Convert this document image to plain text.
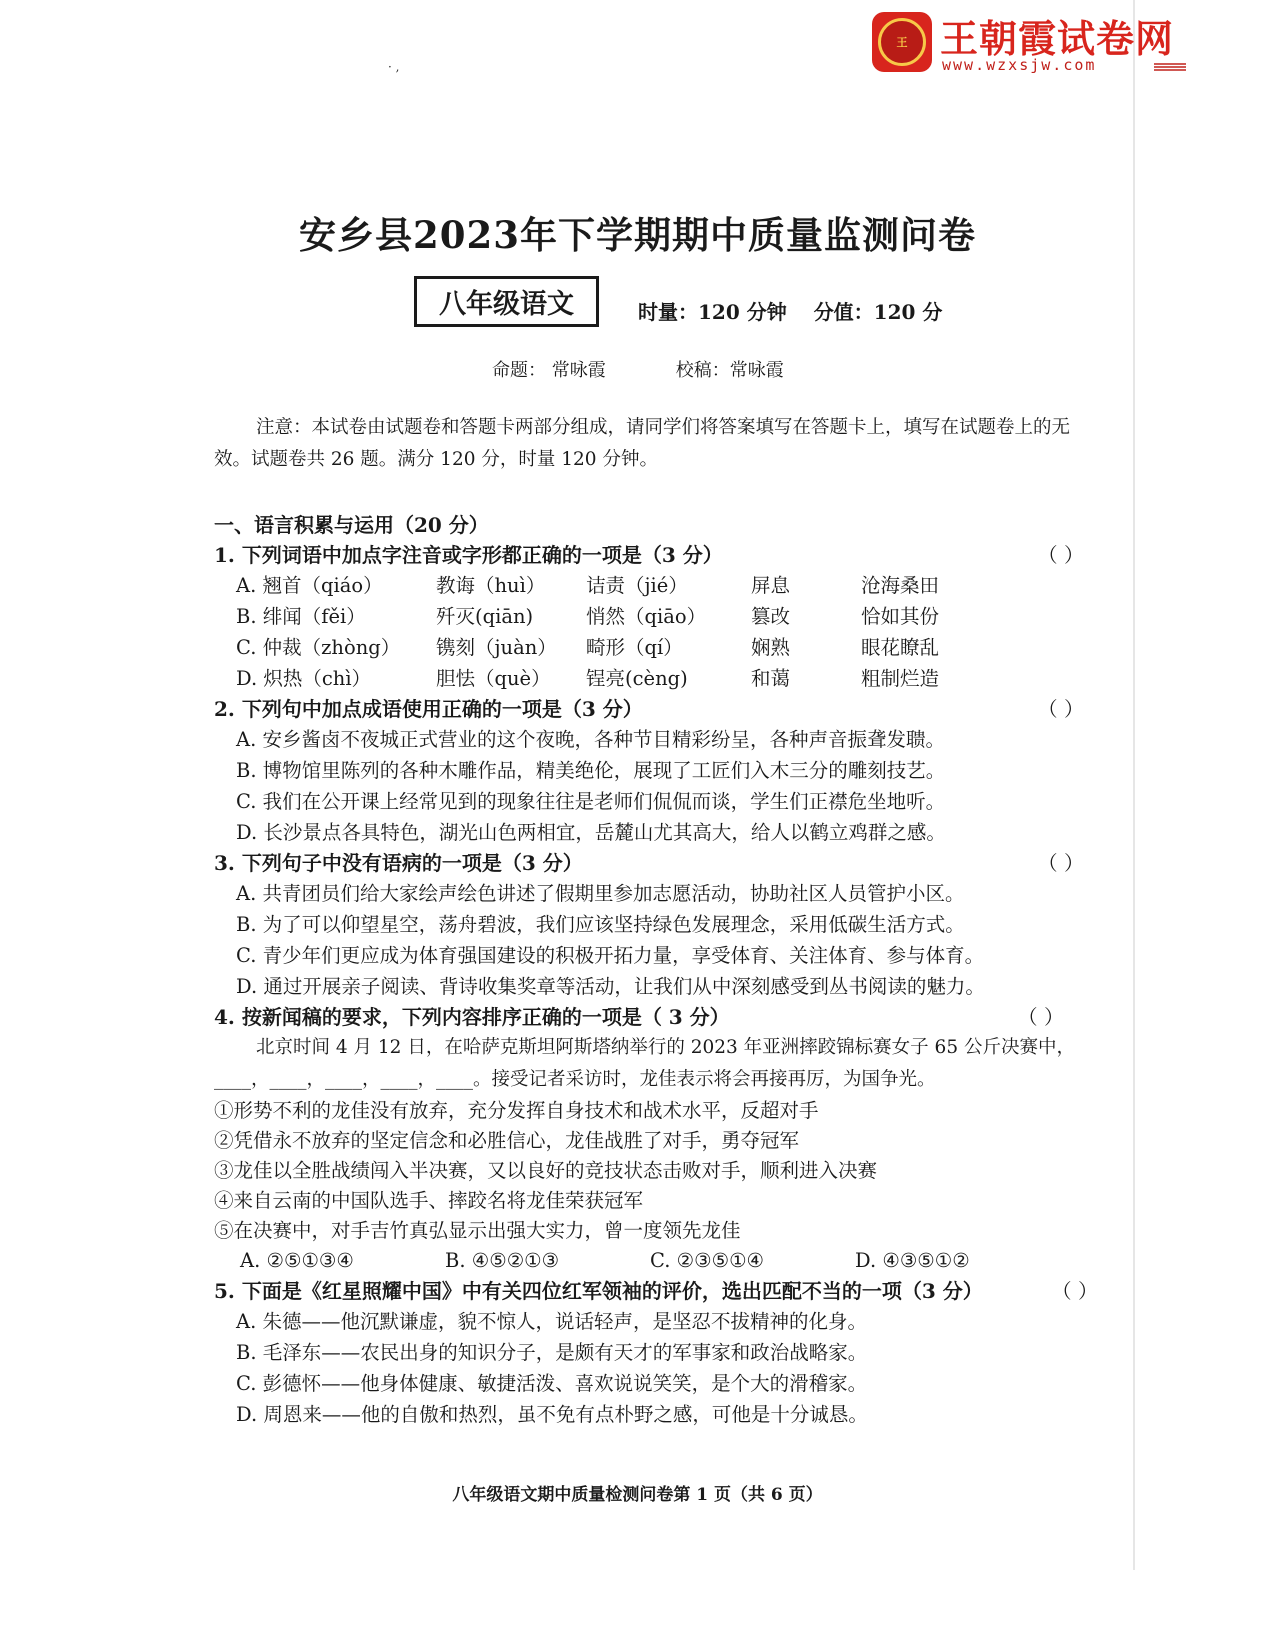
· ,
王 王朝霞试卷网
www.wzxsjw.com
安乡县2023年下学期期中质量监测问卷
八年级语文	时量：120 分钟 分值：120 分
命题： 常咏霞	校稿：常咏霞
注意：本试卷由试题卷和答题卡两部分组成，请同学们将答案填写在答题卡上，填写在试题卷上的无效。试题卷共 26 题。满分 120 分，时量 120 分钟。
一、语言积累与运用（20 分）
1. 下列词语中加点字注音或字形都正确的一项是（3 分）	（ ）
A. 翘首（qiáo）	教诲（huì）	诘责（jié）	屏息	沧海桑田
B. 绯闻（fěi）	歼灭(qiān)	悄然（qiāo）	篡改	恰如其份
C. 仲裁（zhòng）	镌刻（juàn）	畸形（qí）	娴熟	眼花瞭乱
D. 炽热（chì）	胆怯（què）	锃亮(cèng)	和蔼	粗制烂造
2. 下列句中加点成语使用正确的一项是（3 分）	（ ）
A. 安乡酱卤不夜城正式营业的这个夜晚，各种节目精彩纷呈，各种声音振聋发聩。
B. 博物馆里陈列的各种木雕作品，精美绝伦，展现了工匠们入木三分的雕刻技艺。
C. 我们在公开课上经常见到的现象往往是老师们侃侃而谈，学生们正襟危坐地听。
D. 长沙景点各具特色，湖光山色两相宜，岳麓山尤其高大，给人以鹤立鸡群之感。
3. 下列句子中没有语病的一项是（3 分）	（ ）
A. 共青团员们给大家绘声绘色讲述了假期里参加志愿活动，协助社区人员管护小区。
B. 为了可以仰望星空，荡舟碧波，我们应该坚持绿色发展理念，采用低碳生活方式。
C. 青少年们更应成为体育强国建设的积极开拓力量，享受体育、关注体育、参与体育。
D. 通过开展亲子阅读、背诗收集奖章等活动，让我们从中深刻感受到丛书阅读的魅力。
4. 按新闻稿的要求，下列内容排序正确的一项是（ 3 分）	（ ）
北京时间 4 月 12 日，在哈萨克斯坦阿斯塔纳举行的 2023 年亚洲摔跤锦标赛女子 65 公斤决赛中，____，____，____，____，____。接受记者采访时，龙佳表示将会再接再厉，为国争光。
①形势不利的龙佳没有放弃，充分发挥自身技术和战术水平，反超对手
②凭借永不放弃的坚定信念和必胜信心，龙佳战胜了对手，勇夺冠军
③龙佳以全胜战绩闯入半决赛，又以良好的竞技状态击败对手，顺利进入决赛
④来自云南的中国队选手、摔跤名将龙佳荣获冠军
⑤在决赛中，对手吉竹真弘显示出强大实力，曾一度领先龙佳
A. ②⑤①③④	B. ④⑤②①③	C. ②③⑤①④	D. ④③⑤①②
5. 下面是《红星照耀中国》中有关四位红军领袖的评价，选出匹配不当的一项（3 分）	（ ）
A. 朱德——他沉默谦虚，貌不惊人，说话轻声，是坚忍不拔精神的化身。
B. 毛泽东——农民出身的知识分子，是颇有天才的军事家和政治战略家。
C. 彭德怀——他身体健康、敏捷活泼、喜欢说说笑笑，是个大的滑稽家。
D. 周恩来——他的自傲和热烈，虽不免有点朴野之感，可他是十分诚恳。
八年级语文期中质量检测问卷第 1 页（共 6 页）
